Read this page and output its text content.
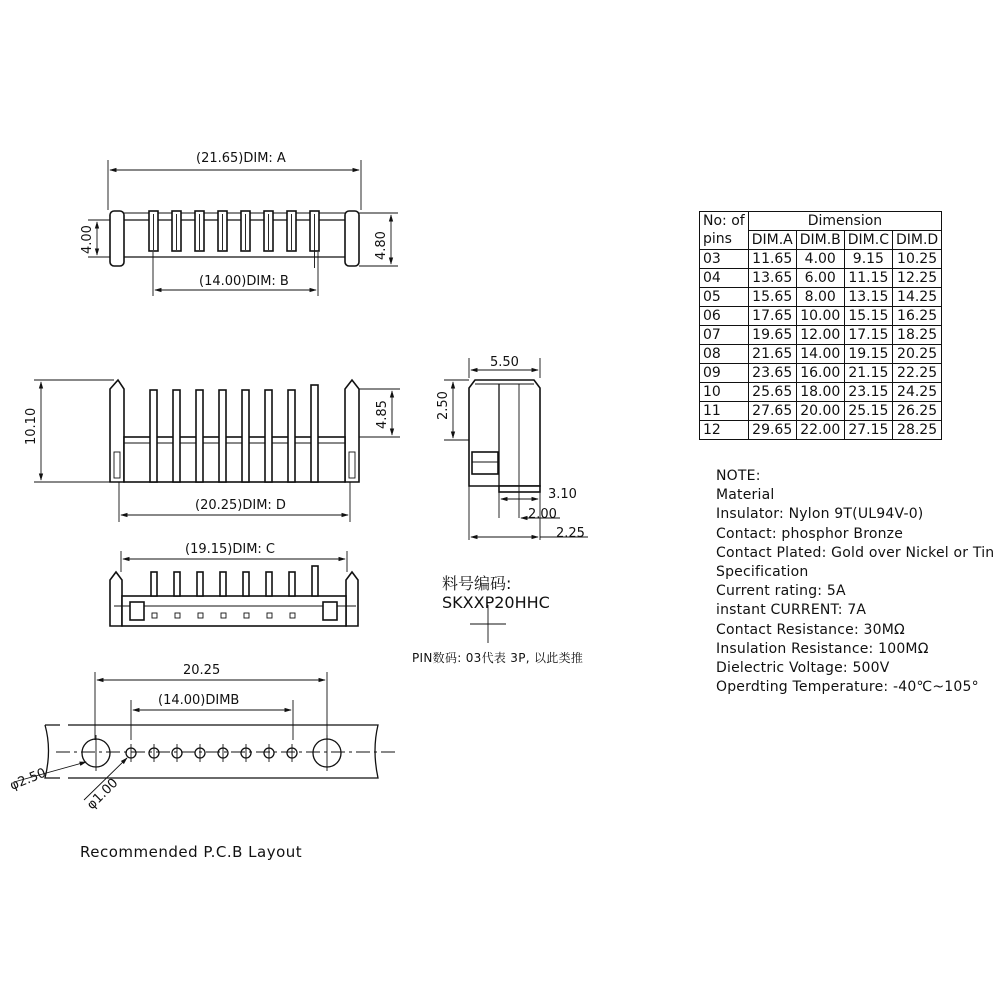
(21.65)DIM: A
(14.00)DIM: B
4.00	4.80
10.10	4.85
(20.25)DIM: D
5.50
2.50
3.10
2.00
2.25
(19.15)DIM: C
20.25
(14.00)DIMB
φ2.50	φ1.00
料号编码:
SKXXP20HHC
PIN数码: 03代表 3P, 以此类推
Recommended P.C.B Layout
No: of
pins	Dimension			
	DIM.A	DIM.B	DIM.C	DIM.D
03	11.65	4.00	9.15	10.25
04	13.65	6.00	11.15	12.25
05	15.65	8.00	13.15	14.25
06	17.65	10.00	15.15	16.25
07	19.65	12.00	17.15	18.25
08	21.65	14.00	19.15	20.25
09	23.65	16.00	21.15	22.25
10	25.65	18.00	23.15	24.25
11	27.65	20.00	25.15	26.25
12	29.65	22.00	27.15	28.25
NOTE:
Material
Insulator: Nylon 9T(UL94V-0)
Contact: phosphor Bronze
Contact Plated: Gold over Nickel or Tin
Specification
Current rating: 5A
instant CURRENT: 7A
Contact Resistance: 30MΩ
Insulation Resistance: 100MΩ
Dielectric Voltage: 500V
Operdting Temperature: -40℃~105°
